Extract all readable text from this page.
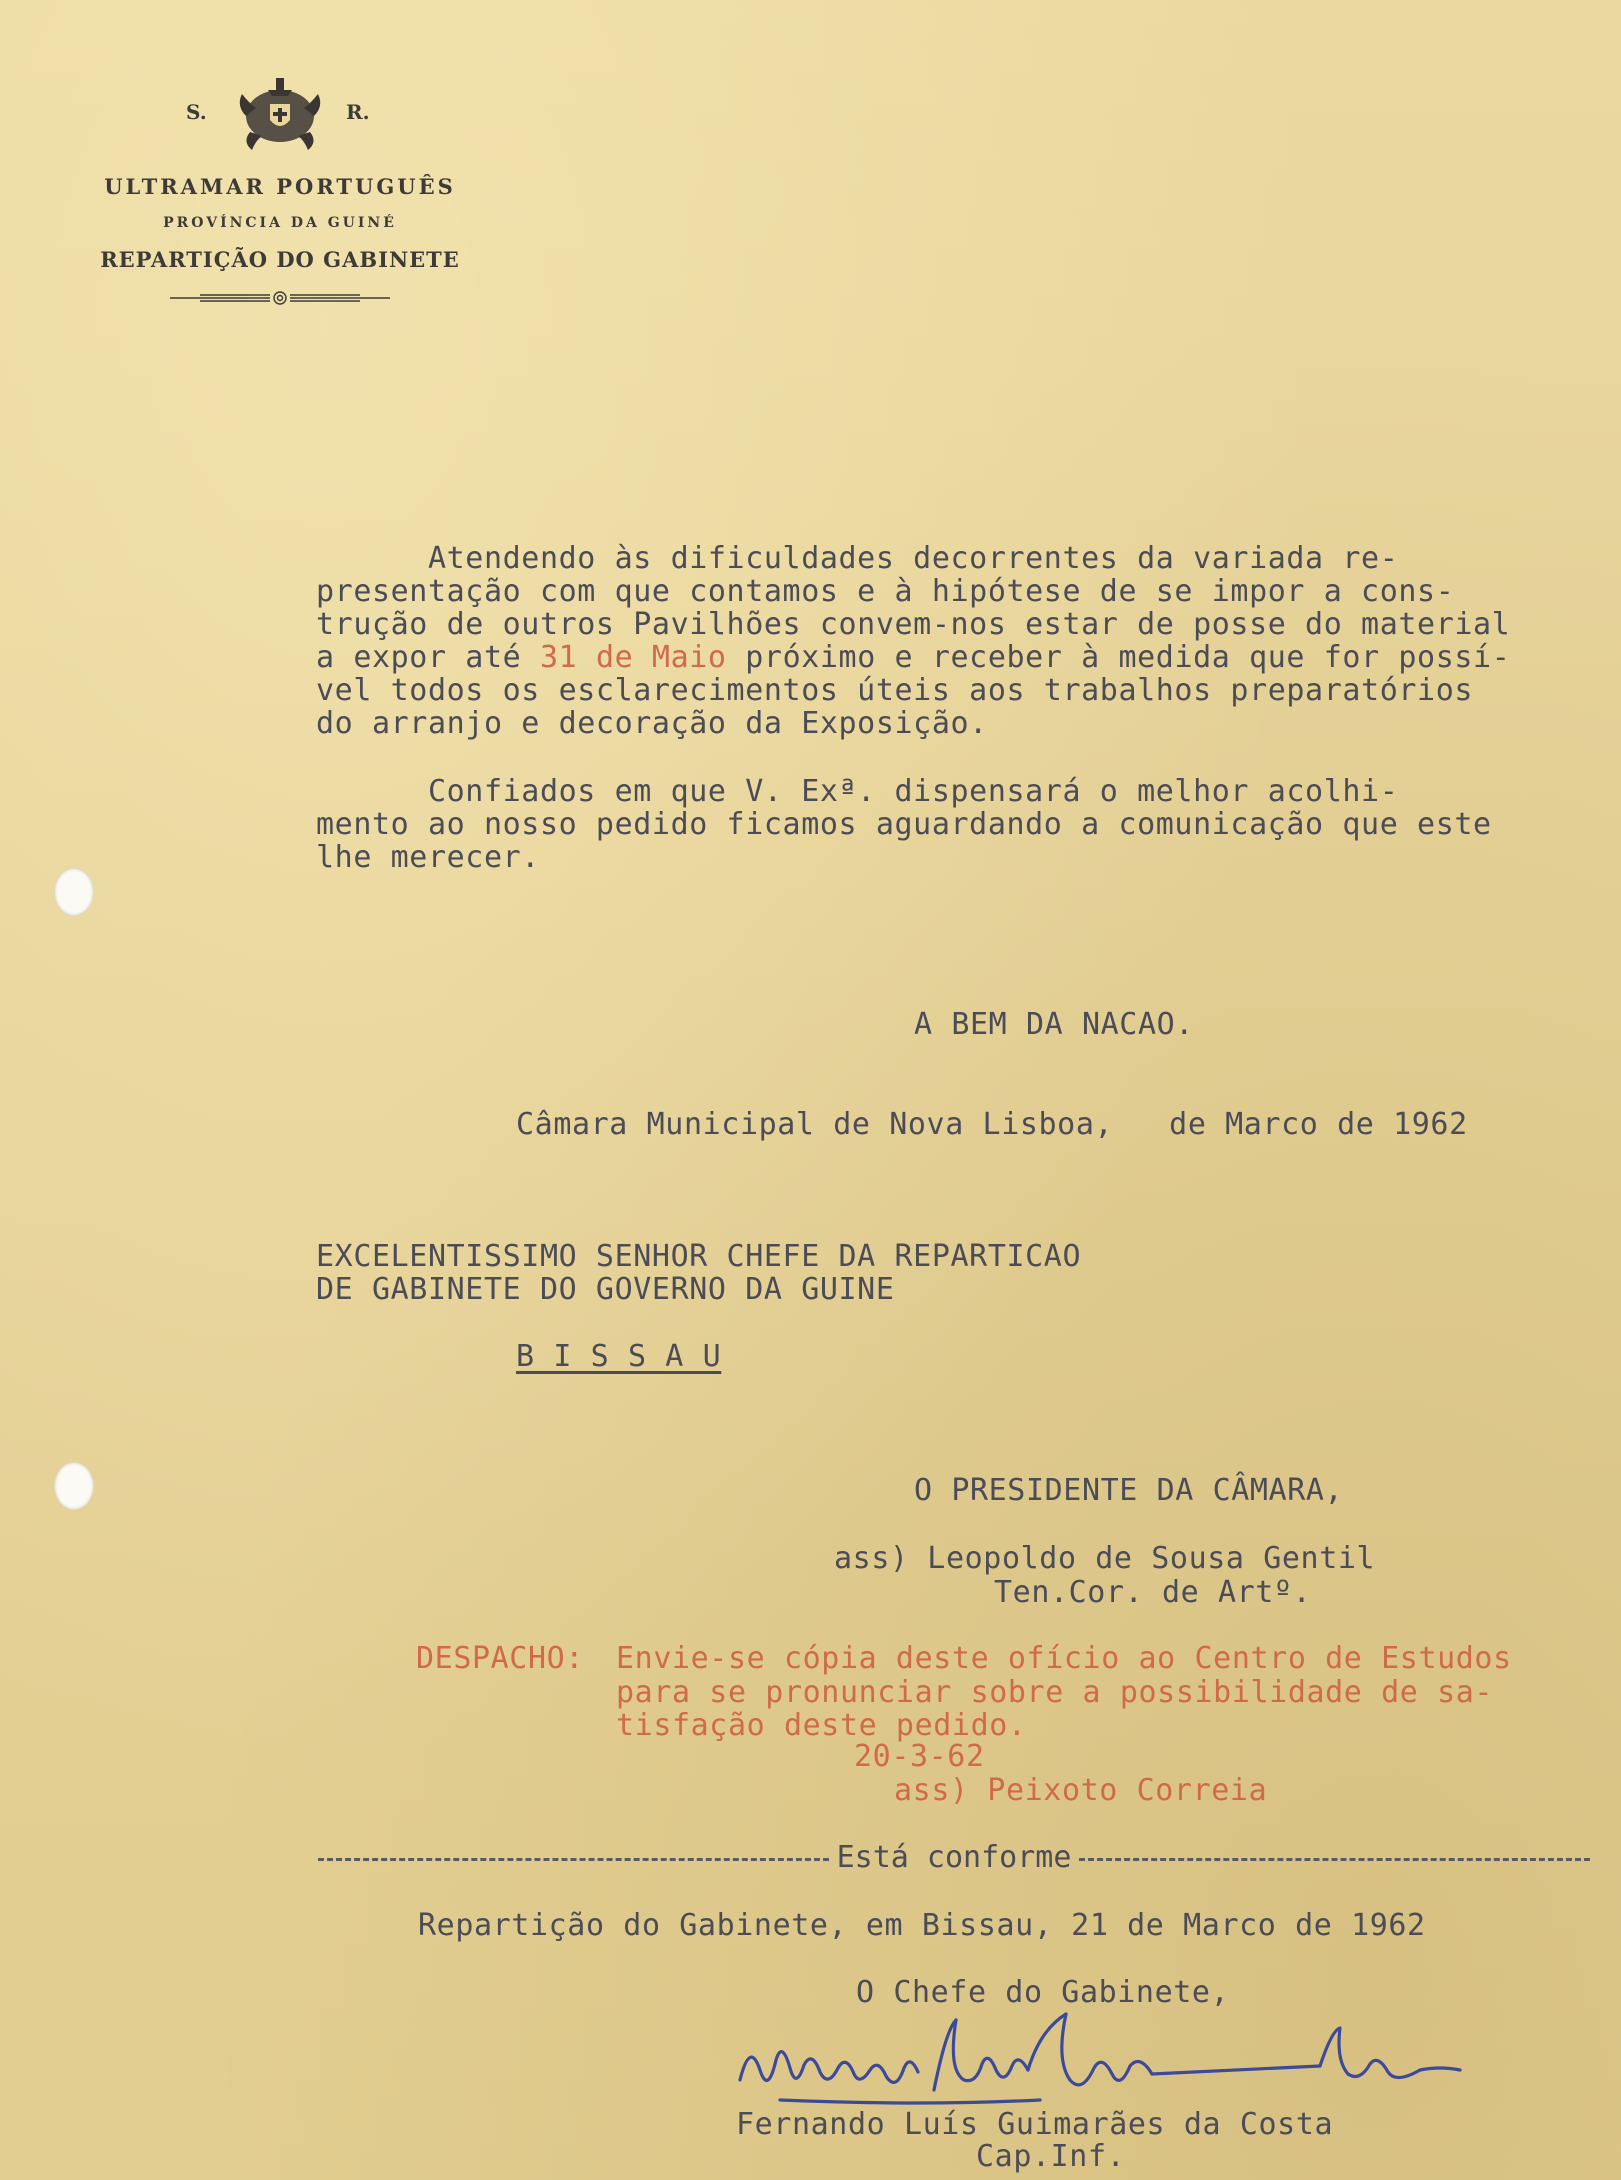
S.	R.
ULTRAMAR PORTUGUÊS
PROVÍNCIA DA GUINÉ
REPARTIÇÃO DO GABINETE
Atendendo às dificuldades decorrentes da variada re-
presentação com que contamos e à hipótese de se impor a cons-
trução de outros Pavilhões convem-nos estar de posse do material
a expor até 31 de Maio próximo e receber à medida que for possí-
vel todos os esclarecimentos úteis aos trabalhos preparatórios
do arranjo e decoração da Exposição.
Confiados em que V. Exª. dispensará o melhor acolhi-
mento ao nosso pedido ficamos aguardando a comunicação que este
lhe merecer.
A BEM DA NACAO.
Câmara Municipal de Nova Lisboa,   de Marco de 1962
EXCELENTISSIMO SENHOR CHEFE DA REPARTICAO
DE GABINETE DO GOVERNO DA GUINE
B I S S A U
O PRESIDENTE DA CÂMARA,
ass) Leopoldo de Sousa Gentil
Ten.Cor. de Artº.
DESPACHO: Envie-se cópia deste ofício ao Centro de Estudos
para se pronunciar sobre a possibilidade de sa-
tisfação deste pedido.
20-3-62
ass) Peixoto Correia
Está conforme
Repartição do Gabinete, em Bissau, 21 de Marco de 1962
O Chefe do Gabinete,
Fernando Luís Guimarães da Costa
Cap.Inf.
